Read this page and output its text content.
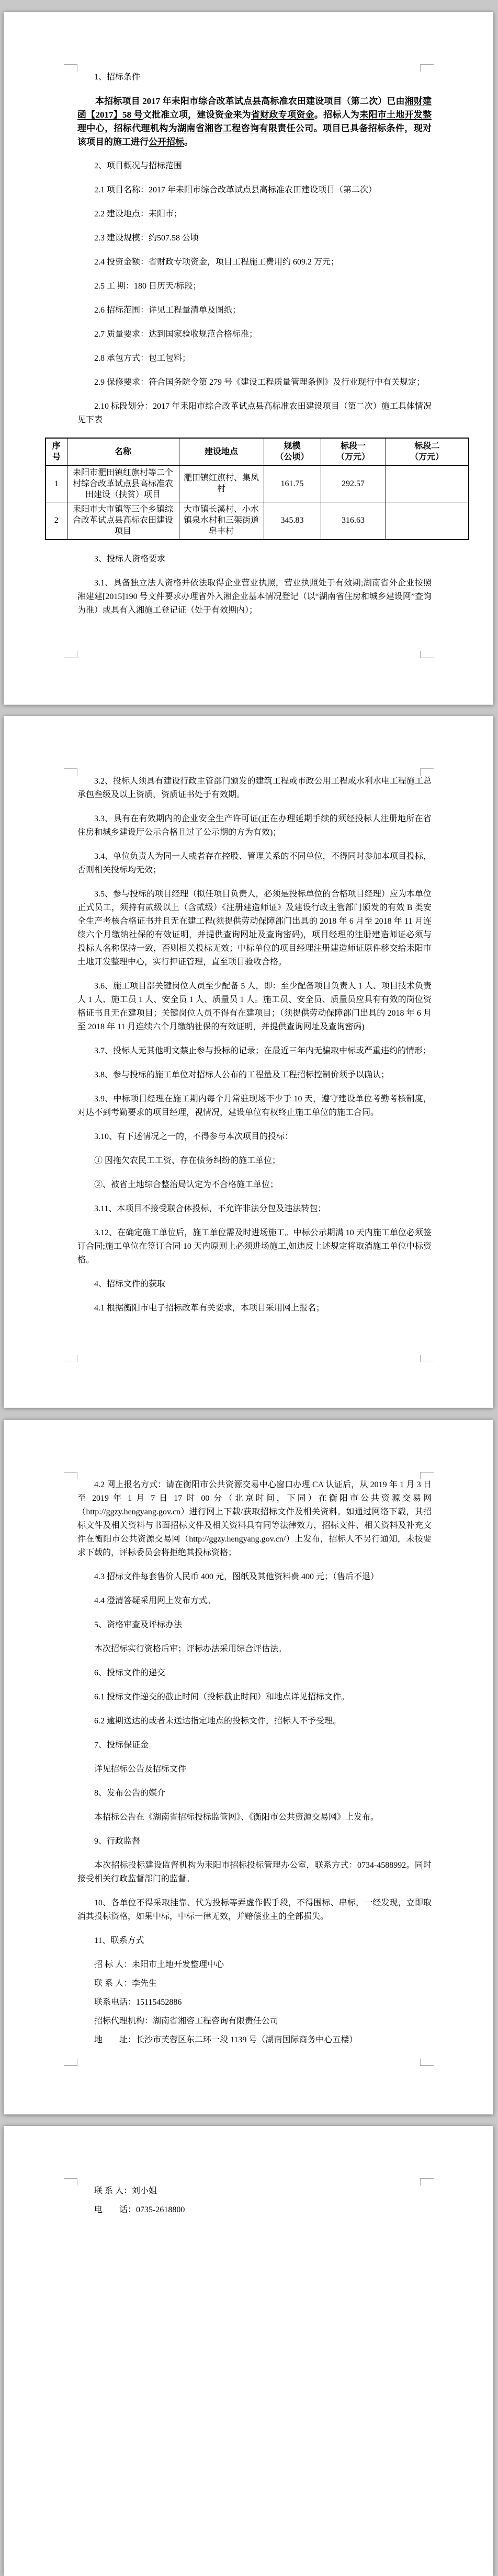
1、招标条件

本招标项目 2017 年耒阳市综合改革试点县高标准农田建设项目（第二次）已由湘财建函【2017】58 号文批准立项，建设资金来为省财政专项资金。招标人为耒阳市土地开发整理中心，招标代理机构为湖南省湘咨工程咨询有限责任公司。项目已具备招标条件，现对该项目的施工进行公开招标。

2、项目概况与招标范围

2.1 项目名称：2017 年耒阳市综合改革试点县高标准农田建设项目（第二次）

2.2 建设地点：耒阳市；

2.3 建设规模：约507.58 公顷

2.4 投资金额：省财政专项资金，项目工程施工费用约 609.2 万元；

2.5 工 期：180 日历天/标段；

2.6 招标范围：详见工程量清单及图纸；

2.7 质量要求：达到国家验收规范合格标准；

2.8 承包方式：包工包料；

2.9 保修要求：符合国务院令第 279 号《建设工程质量管理条例》及行业现行中有关规定；

2.10 标段划分：2017 年耒阳市综合改革试点县高标准农田建设项目（第二次）施工具体情况见下表

序
号	名称	建设地点	规模
（公顷）	标段一
（万元）	标段二
（万元）

1	耒阳市淝田镇红旗村等二个村综合改革试点县高标准农田建设（扶贫）项目	淝田镇红旗村、集凤村	161.75	292.57	
2	耒阳市大市镇等三个乡镇综合改革试点县高标农田建设项目	大市镇长溪村、小水镇泉水村和三架街道皂丰村	345.83	316.63	

3、投标人资格要求

3.1、具备独立法人资格并依法取得企业营业执照，营业执照处于有效期;湖南省外企业按照湘建建[2015]190 号文件要求办理省外入湘企业基本情况登记（以“湖南省住房和城乡建设网”查询为准）或具有入湘施工登记证（处于有效期内）；

3.2、投标人须具有建设行政主管部门颁发的建筑工程或市政公用工程或水利水电工程施工总承包叁级及以上资质，资质证书处于有效期。

3.3、具有在有效期内的企业安全生产许可证(正在办理延期手续的须经投标人注册地所在省住房和城乡建设厅公示合格且过了公示期的方为有效)；

3.4、单位负责人为同一人或者存在控股、管理关系的不同单位，不得同时参加本项目投标，否则相关投标均无效；

3.5、参与投标的项目经理（拟任项目负责人，必须是投标单位的合格项目经理）应为本单位正式员工，须持有贰级以上（含贰级）《注册建造师证》及建设行政主管部门颁发的有效 B 类安全生产考核合格证书并且无在建工程(须提供劳动保障部门出具的 2018 年 6 月至 2018 年 11 月连续六个月缴纳社保的有效证明，并提供查询网址及查询密码)，项目经理的注册建造师证必须与投标人名称保持一致，否则相关投标无效；中标单位的项目经理注册建造师证原件移交给耒阳市土地开发整理中心，实行押证管理，直至项目验收合格。

3.6、施工项目部关键岗位人员至少配备 5 人，即：至少配备项目负责人 1 人、项目技术负责人 1 人、施工员 1 人、安全员 1 人、质量员 1 人。施工员、安全员、质量员应具有有效的岗位资格证书且无在建项目；关键岗位人员不得有在建项目；（须提供劳动保障部门出具的 2018 年 6 月至 2018 年 11 月连续六个月缴纳社保的有效证明，并提供查询网址及查询密码)

3.7、投标人无其他明文禁止参与投标的记录；在最近三年内无骗取中标或严重违约的情形；

3.8、参与投标的施工单位对招标人公布的工程量及工程招标控制价须予以确认；

3.9、中标项目经理在施工期内每个月常驻现场不少于 10 天，遵守建设单位考勤考核制度，对达不到考勤要求的项目经理，视情况，建设单位有权终止施工单位的施工合同。

3.10、有下述情况之一的，不得参与本次项目的投标：

① 因拖欠农民工工资、存在债务纠纷的施工单位；

②、被省土地综合整治局认定为不合格施工单位；

3.11、本项目不接受联合体投标，不允许非法分包及违法转包；

3.12、在确定施工单位后，施工单位需及时进场施工。中标公示期满 10 天内施工单位必须签订合同;施工单位在签订合同 10 天内原则上必须进场施工,如违反上述规定将取消施工单位中标资格。

4、招标文件的获取

4.1 根据衡阳市电子招标改革有关要求，本项目采用网上报名；

4.2 网上报名方式：请在衡阳市公共资源交易中心窗口办理 CA 认证后，从 2019 年 1 月 3 日至 2019 年 1 月 7 日 17 时 00 分（北京时间，下同）在衡阳市公共资源交易网（http://ggzy.hengyang.gov.cn）进行网上下载/获取招标文件及相关资料。如通过网络下载，其招标文件及相关资料与书面招标文件及相关资料具有同等法律效力，招标文件、相关资料及补充文件在衡阳市公共资源交易网（http://ggzy.hengyang.gov.cn/）上发布，招标人不另行通知，未按要求下载的，评标委员会将拒绝其投标资格；

4.3 招标文件每套售价人民币 400 元，图纸及其他资料费 400 元；（售后不退）

4.4 澄清答疑采用网上发布方式。

5、资格审查及评标办法

本次招标实行资格后审；评标办法采用综合评估法。

6、投标文件的递交

6.1 投标文件递交的截止时间（投标截止时间）和地点详见招标文件。

6.2 逾期送达的或者未送达指定地点的投标文件，招标人不予受理。

7、投标保证金

详见招标公告及招标文件

8、发布公告的媒介

本招标公告在《湖南省招标投标监管网》、《衡阳市公共资源交易网》上发布。

9、行政监督

本次招标投标建设监督机构为耒阳市招标投标管理办公室，联系方式：0734-4588992。同时接受相关行政监督部门的监督。

10、各单位不得采取挂靠、代为投标等弄虚作假手段，不得围标、串标，一经发现，立即取消其投标资格，如果中标，中标一律无效，并赔偿业主的全部损失。

11、联系方式

招 标 人：耒阳市土地开发整理中心

联 系 人：李先生

联系电话：15115452886

招标代理机构：湖南省湘咨工程咨询有限责任公司

地　　址：长沙市芙蓉区东二环一段 1139 号（湖南国际商务中心五楼）

联 系 人：刘小姐

电　　话：0735-2618800
